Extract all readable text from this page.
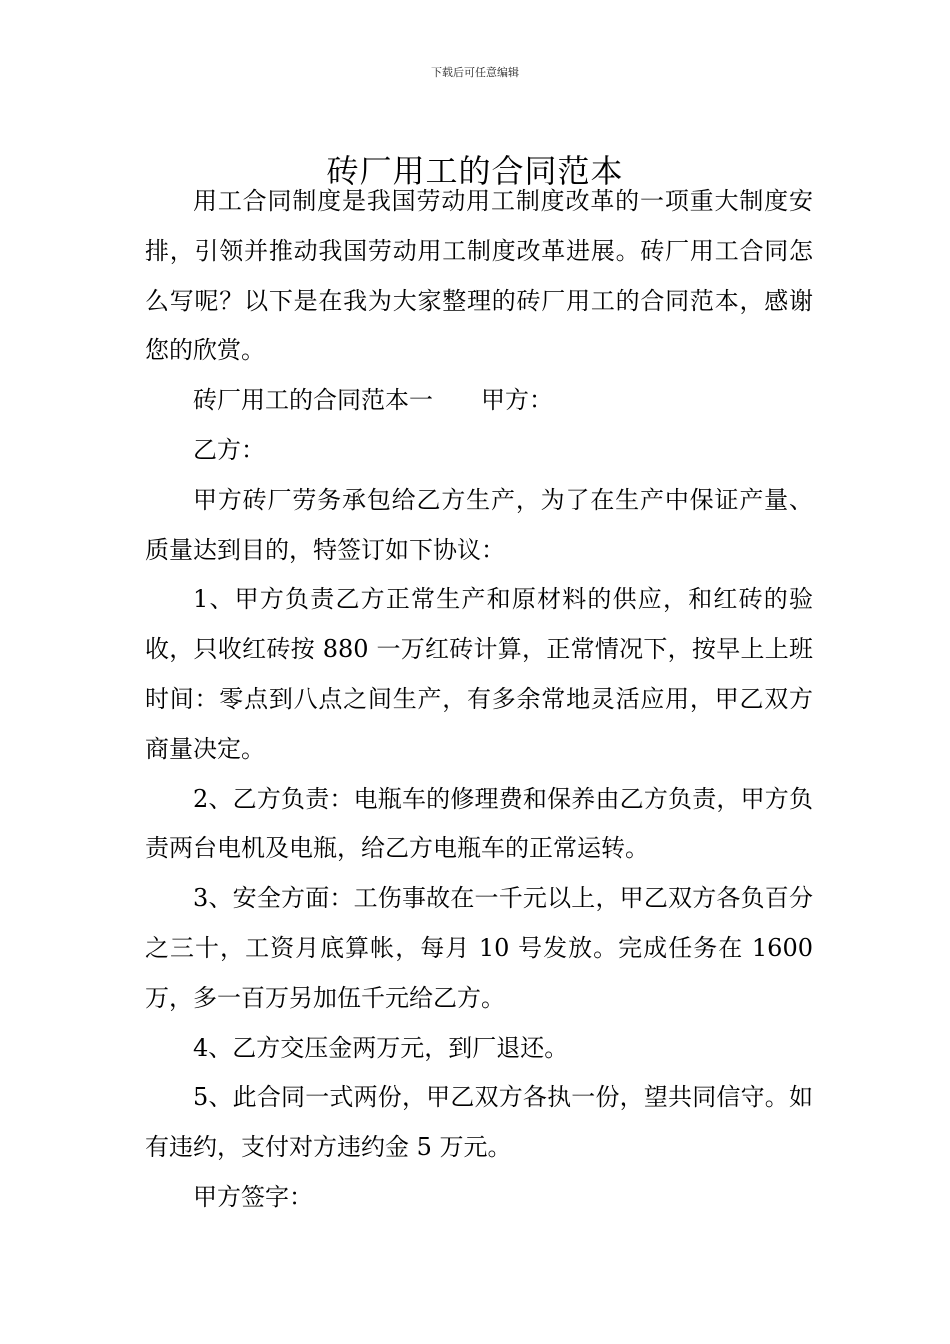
下载后可任意编辑
砖厂用工的合同范本

用工合同制度是我国劳动用工制度改革的一项重大制度安排，引领并推动我国劳动用工制度改革进展。砖厂用工合同怎么写呢？以下是在我为大家整理的砖厂用工的合同范本，感谢您的欣赏。

砖厂用工的合同范本一 甲方：

乙方：

甲方砖厂劳务承包给乙方生产，为了在生产中保证产量、质量达到目的，特签订如下协议：

1、甲方负责乙方正常生产和原材料的供应，和红砖的验收，只收红砖按 880 一万红砖计算，正常情况下，按早上上班时间：零点到八点之间生产，有多余常地灵活应用，甲乙双方商量决定。

2、乙方负责：电瓶车的修理费和保养由乙方负责，甲方负责两台电机及电瓶，给乙方电瓶车的正常运转。

3、安全方面：工伤事故在一千元以上，甲乙双方各负百分之三十，工资月底算帐，每月 10 号发放。完成任务在 1600 万，多一百万另加伍千元给乙方。

4、乙方交压金两万元，到厂退还。

5、此合同一式两份，甲乙双方各执一份，望共同信守。如有违约，支付对方违约金 5 万元。

甲方签字：
